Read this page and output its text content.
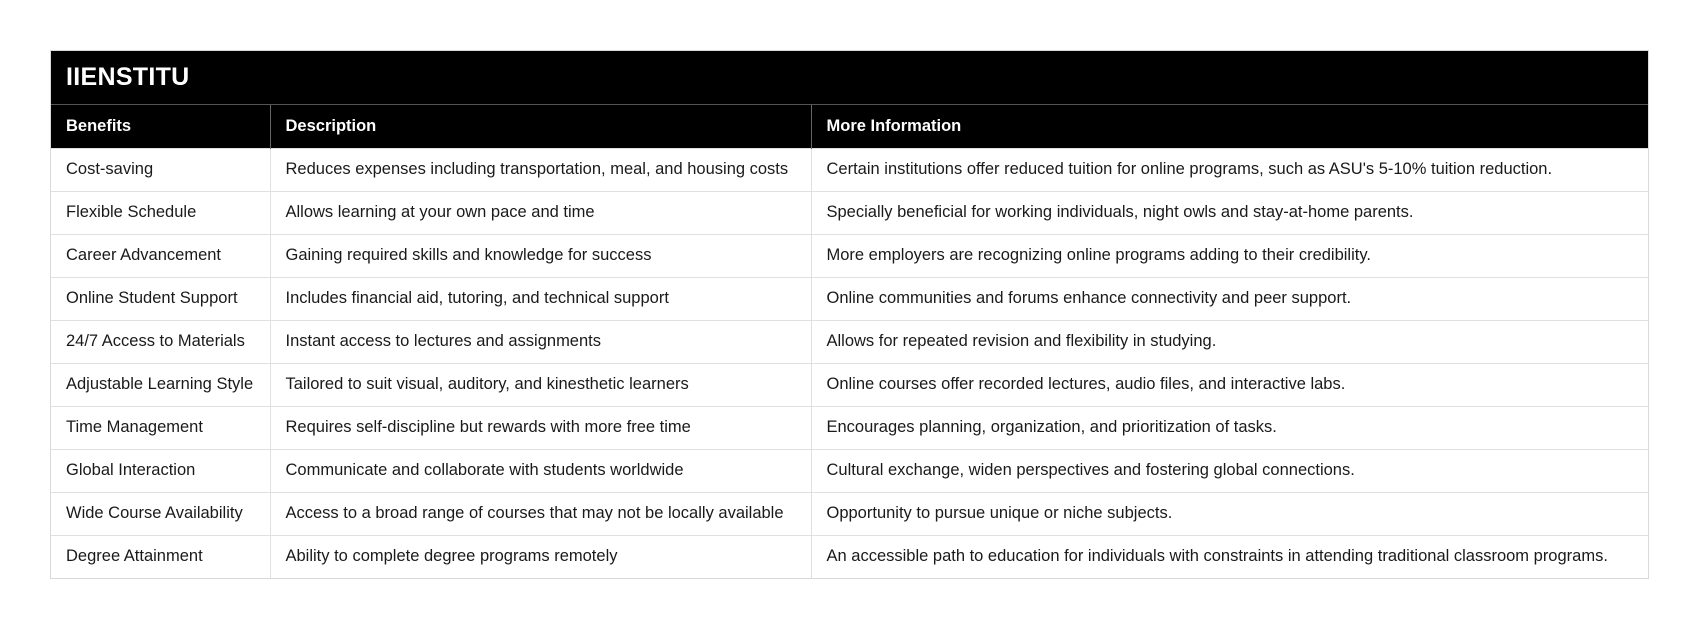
IIENSTITU
Benefits	Description	More Information
Cost-saving	Reduces expenses including transportation, meal, and housing costs	Certain institutions offer reduced tuition for online programs, such as ASU's 5-10% tuition reduction.
Flexible Schedule	Allows learning at your own pace and time	Specially beneficial for working individuals, night owls and stay-at-home parents.
Career Advancement	Gaining required skills and knowledge for success	More employers are recognizing online programs adding to their credibility.
Online Student Support	Includes financial aid, tutoring, and technical support	Online communities and forums enhance connectivity and peer support.
24/7 Access to Materials	Instant access to lectures and assignments	Allows for repeated revision and flexibility in studying.
Adjustable Learning Style	Tailored to suit visual, auditory, and kinesthetic learners	Online courses offer recorded lectures, audio files, and interactive labs.
Time Management	Requires self-discipline but rewards with more free time	Encourages planning, organization, and prioritization of tasks.
Global Interaction	Communicate and collaborate with students worldwide	Cultural exchange, widen perspectives and fostering global connections.
Wide Course Availability	Access to a broad range of courses that may not be locally available	Opportunity to pursue unique or niche subjects.
Degree Attainment	Ability to complete degree programs remotely	An accessible path to education for individuals with constraints in attending traditional classroom programs.
